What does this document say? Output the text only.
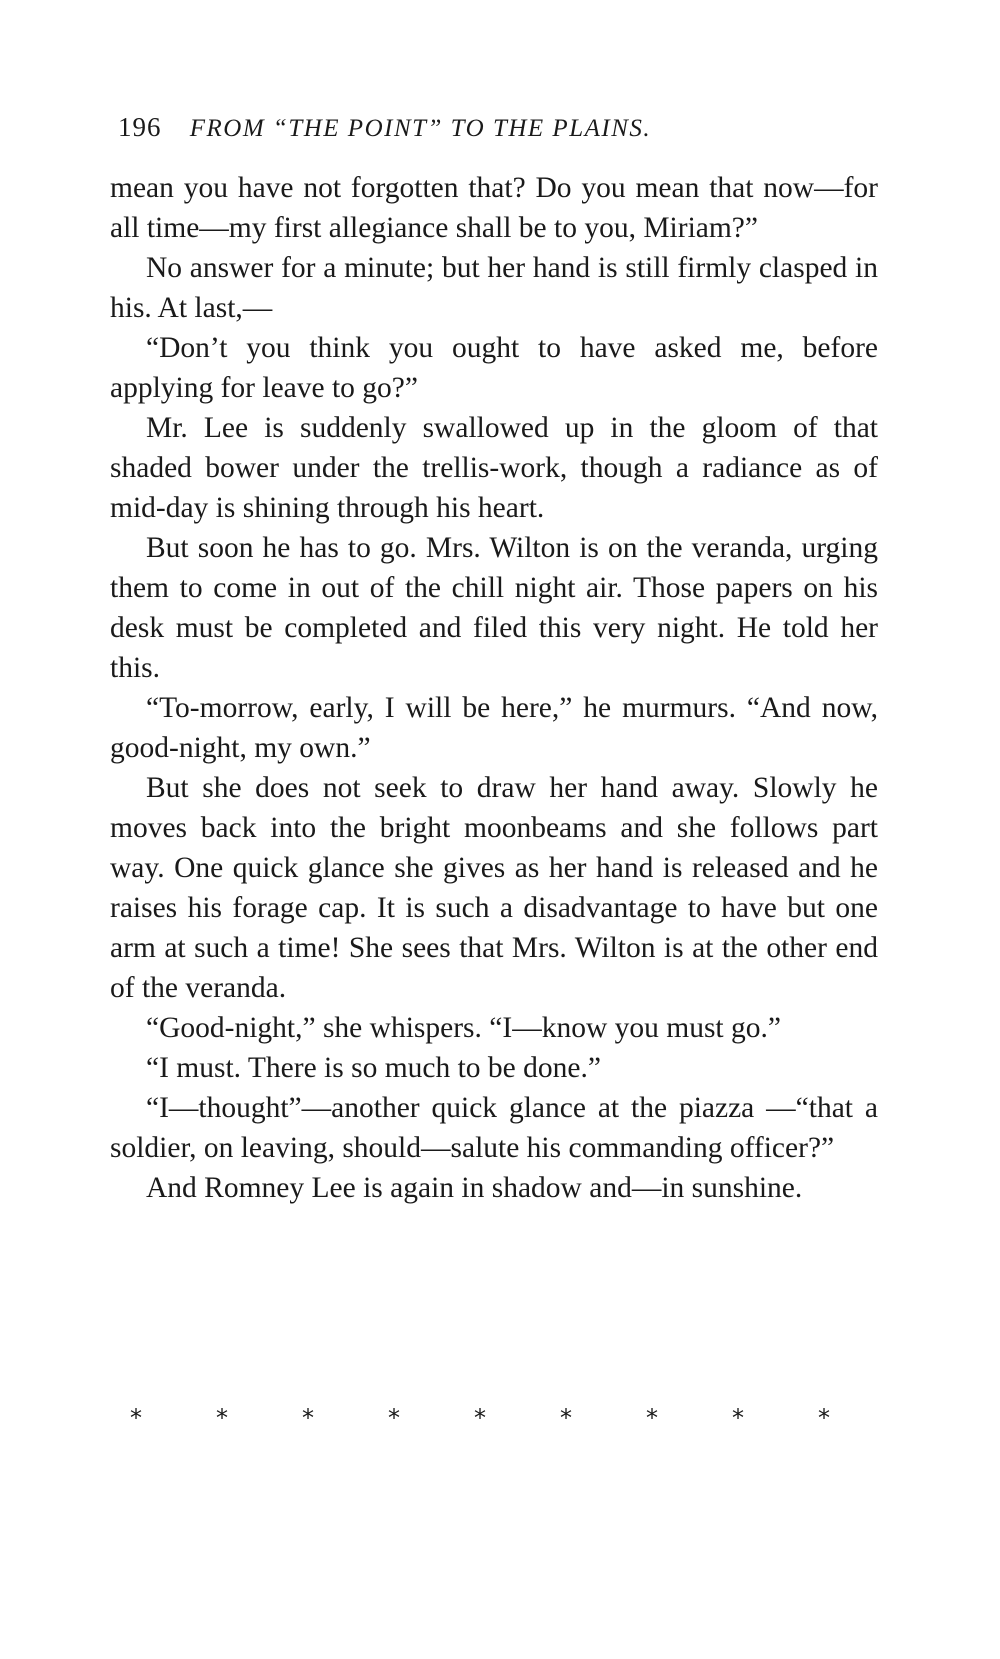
196 FROM “THE POINT” TO THE PLAINS.

mean you have not forgotten that? Do you mean that now—for all time—my first allegiance shall be to you, Miriam?”

No answer for a minute; but her hand is still firmly clasped in his. At last,—

“Don’t you think you ought to have asked me, before applying for leave to go?”

Mr. Lee is suddenly swallowed up in the gloom of that shaded bower under the trellis-work, though a radiance as of mid-day is shining through his heart.

But soon he has to go. Mrs. Wilton is on the veranda, urging them to come in out of the chill night air. Those papers on his desk must be completed and filed this very night. He told her this.

“To-morrow, early, I will be here,” he murmurs. “And now, good-night, my own.”

But she does not seek to draw her hand away. Slowly he moves back into the bright moonbeams and she follows part way. One quick glance she gives as her hand is released and he raises his forage cap. It is such a disadvantage to have but one arm at such a time! She sees that Mrs. Wilton is at the other end of the veranda.

“Good-night,” she whispers. “I—know you must go.”

“I must. There is so much to be done.”

“I—thought”—another quick glance at the piazza —“that a soldier, on leaving, should—salute his commanding officer?”

And Romney Lee is again in shadow and—in sunshine.

*	*	*	*	*	*	*	*	*
